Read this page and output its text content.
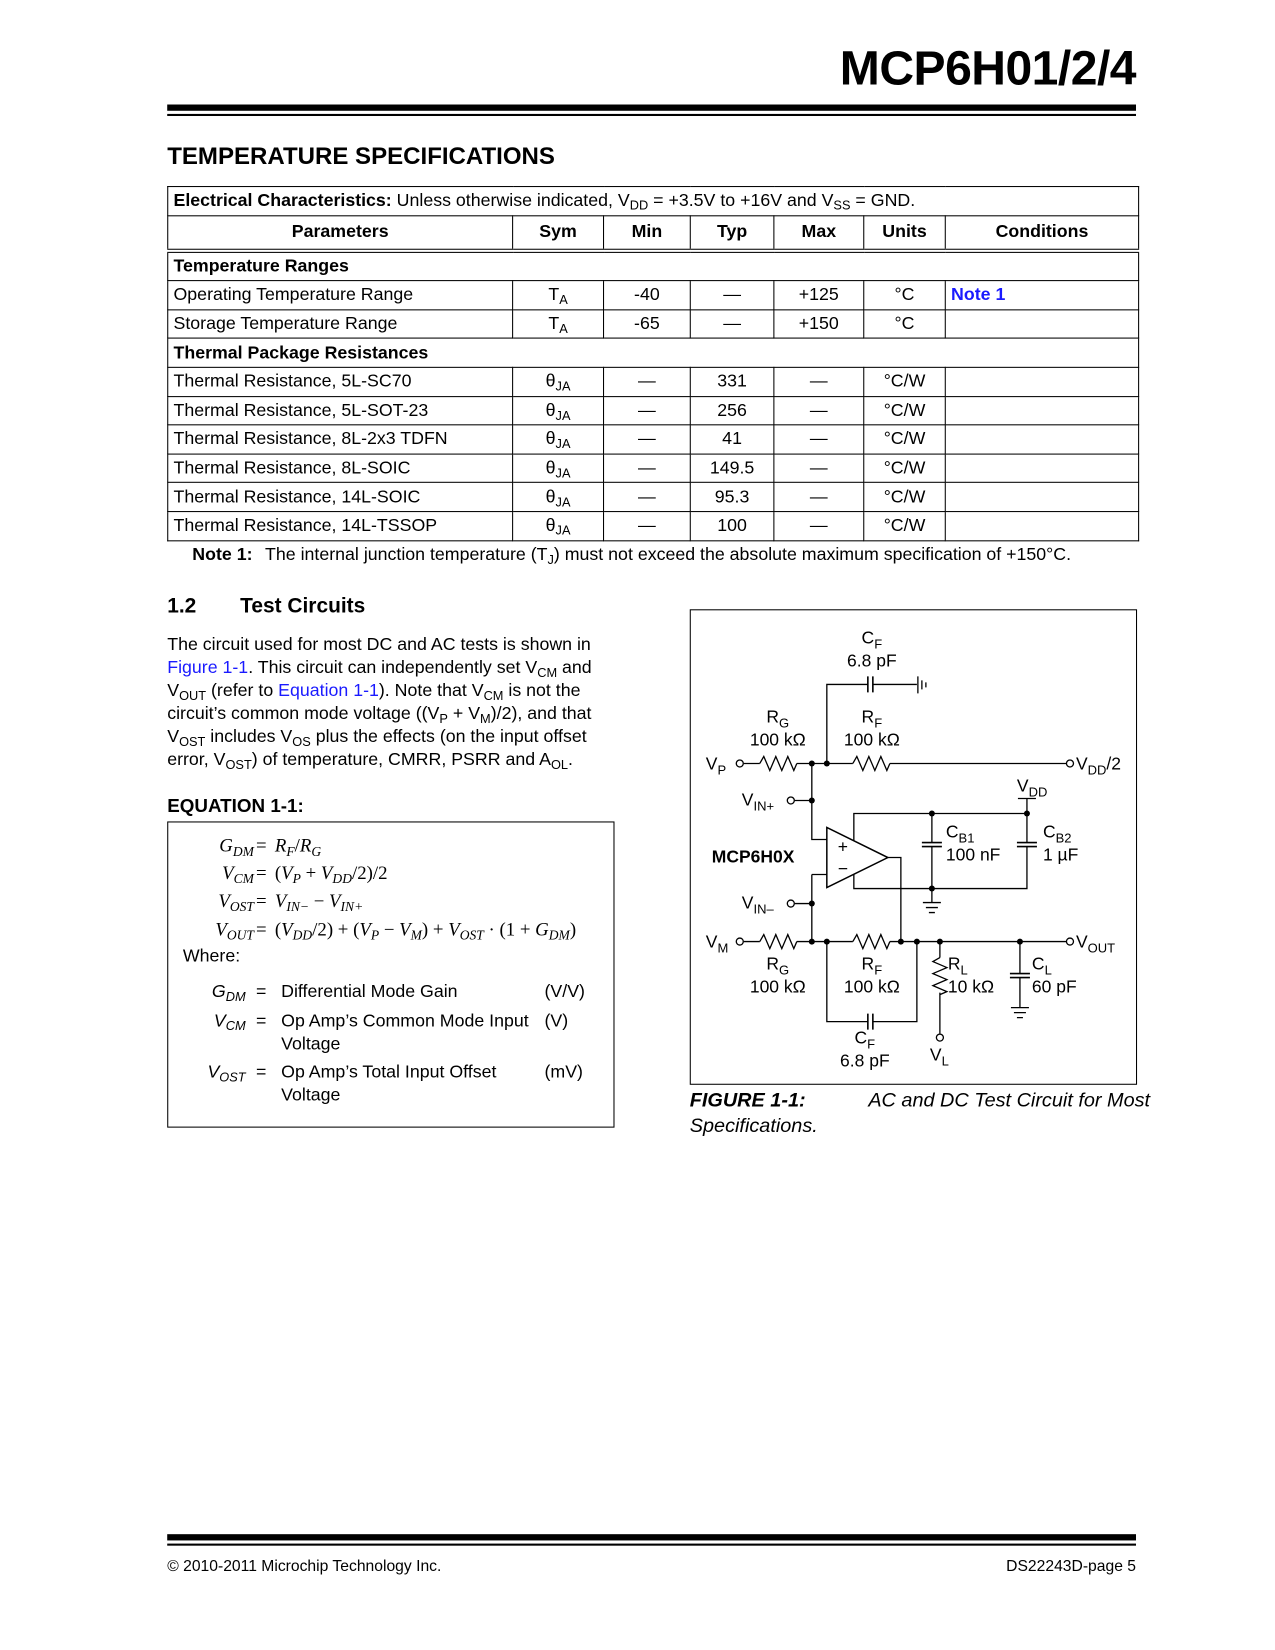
MCP6H01/2/4
TEMPERATURE SPECIFICATIONS
Electrical Characteristics: Unless otherwise indicated, $V_{DD} = +3.5V$ to +16V and $V_{SS}$ = GND.						
Parameters	Sym	Min	Typ	Max	Units	Conditions
Temperature Ranges						
Operating Temperature Range	$T_A$	-40	—	+125	°C	Note 1
Storage Temperature Range	$T_A$	-65	—	+150	°C	
Thermal Package Resistances						
Thermal Resistance, 5L-SC70	$\theta_{JA}$	—	331	—	°C/W	
Thermal Resistance, 5L-SOT-23	$\theta_{JA}$	—	256	—	°C/W	
Thermal Resistance, 8L-2x3 TDFN	$\theta_{JA}$	—	41	—	°C/W	
Thermal Resistance, 8L-SOIC	$\theta_{JA}$	—	149.5	—	°C/W	
Thermal Resistance, 14L-SOIC	$\theta_{JA}$	—	95.3	—	°C/W	
Thermal Resistance, 14L-TSSOP	$\theta_{JA}$	—	100	—	°C/W	
Note 1: The internal junction temperature $(T_J)$ must not exceed the absolute maximum specification of +150°C.
1.2 Test Circuits
The circuit used for most DC and AC tests is shown in Figure 1-1. This circuit can independently set $V_{CM}$ and $V_{OUT}$ (refer to Equation 1-1). Note that $V_{CM}$ is not the circuit’s common mode voltage $((V_P + V_M)/2)$, and that $V_{OST}$ includes $V_{OS}$ plus the effects (on the input offset error, $V_{OST}$) of temperature, CMRR, PSRR and $A_{OL}$.
EQUATION 1-1:
$G_{DM} = R_F/R_G$
$V_{CM} = (V_P + V_{DD}/2)/2$
$V_{OST} = V_{IN-} - V_{IN+}$
$V_{OUT} = (V_{DD}/2) + (V_P - V_M) + V_{OST} \cdot (1 + G_{DM})$
Where:
$G_{DM}$ = Differential Mode Gain	(V/V)
$V_{CM} = Op$ Amp’s Common Mode Input Voltage
(V)
$V_{OST} = Op$ Amp’s Total Input Offset Voltage
(mV)
+
−
MCP6H0X
$C_F$
6.8 pF
$R_G$
100 kΩ
$R_F$
100 kΩ
$V_P$	$V_{DD}/2$
$V_{DD}$
$V_{IN+}$
$C_{B1}$
100 nF
$C_{B2}$
1 µF
$V_{IN-}$
$V_M$	$V_{OUT}$
$R_G$
100 kΩ
$R_F$
100 kΩ
$R_L$
10 kΩ
$C_L$
60 pF
$C_F$
6.8 pF $V_L$
FIGURE 1-1:	AC and DC Test Circuit for Most Specifications.
© 2010-2011 Microchip Technology Inc.	DS22243D-page 5
